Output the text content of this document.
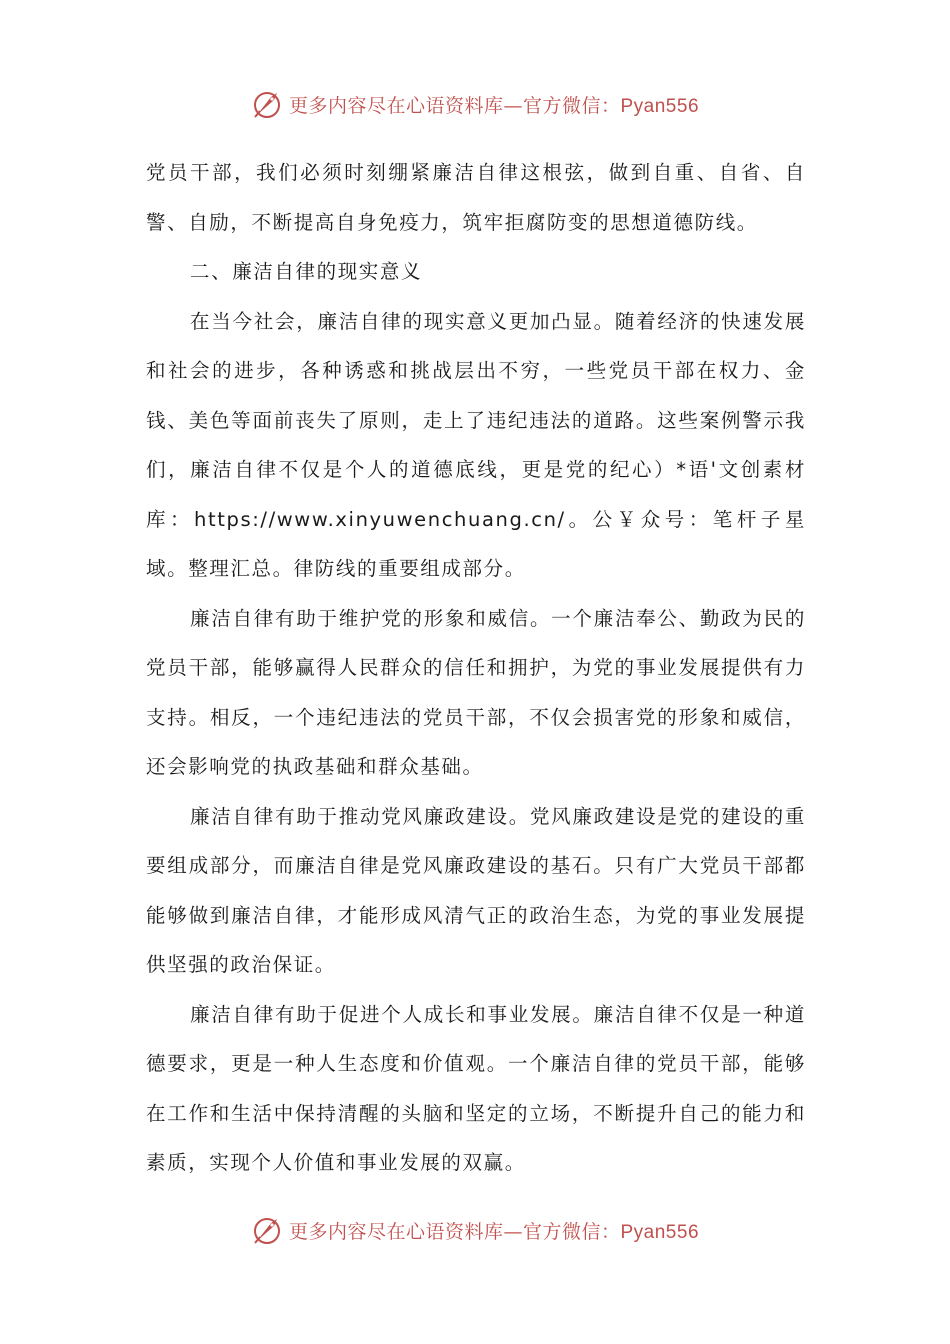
更多内容尽在心语资料库— 官方微信：Pyan556

党员干部，我们必须时刻绷紧廉洁自律这根弦，做到自重、自省、自警、自励，不断提高自身免疫力，筑牢拒腐防变的思想道德防线。

二、廉洁自律的现实意义

在当今社会，廉洁自律的现实意义更加凸显。随着经济的快速发展和社会的进步，各种诱惑和挑战层出不穷，一些党员干部在权力、金钱、美色等面前丧失了原则，走上了违纪违法的道路。这些案例警示我们，廉洁自律不仅是个人的道德底线，更是党的纪心）*语'文创素材库：https://www.xinyuwenchuang.cn/。公￥众号：笔杆子星域。整理汇总。律防线的重要组成部分。

廉洁自律有助于维护党的形象和威信。一个廉洁奉公、勤政为民的党员干部，能够赢得人民群众的信任和拥护，为党的事业发展提供有力支持。相反，一个违纪违法的党员干部，不仅会损害党的形象和威信，还会影响党的执政基础和群众基础。

廉洁自律有助于推动党风廉政建设。党风廉政建设是党的建设的重要组成部分，而廉洁自律是党风廉政建设的基石。只有广大党员干部都能够做到廉洁自律，才能形成风清气正的政治生态，为党的事业发展提供坚强的政治保证。

廉洁自律有助于促进个人成长和事业发展。廉洁自律不仅是一种道德要求，更是一种人生态度和价值观。一个廉洁自律的党员干部，能够在工作和生活中保持清醒的头脑和坚定的立场，不断提升自己的能力和素质，实现个人价值和事业发展的双赢。

更多内容尽在心语资料库— 官方微信：Pyan556
